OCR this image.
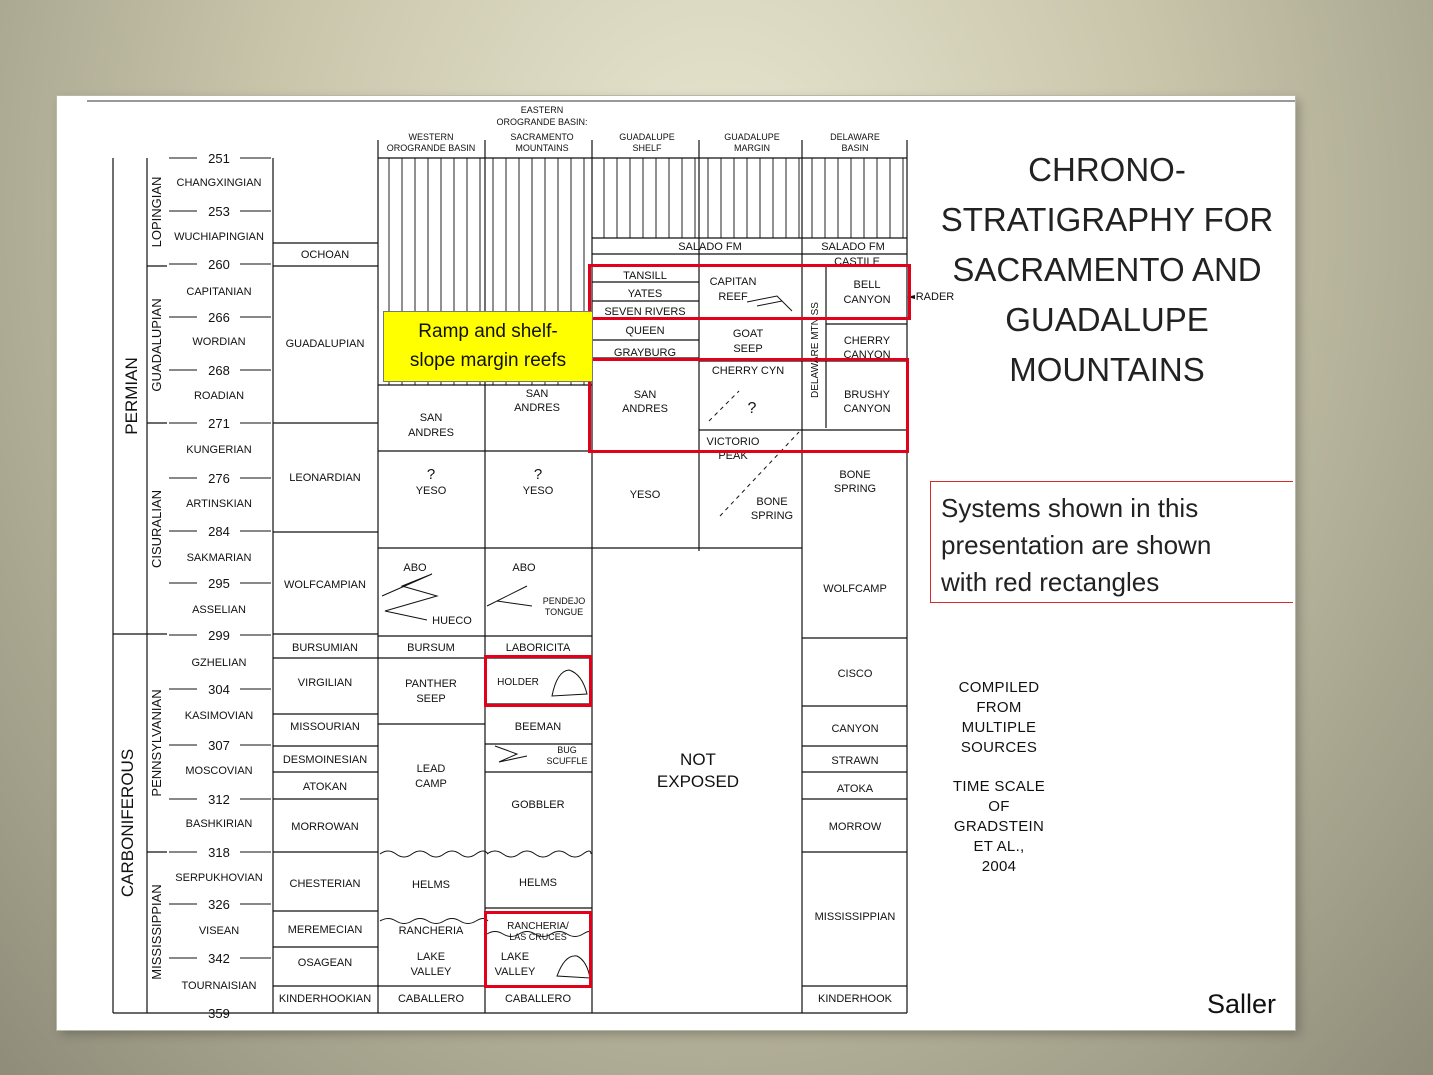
EASTERN
OROGRANDE BASIN:
WESTERN
OROGRANDE BASIN
SACRAMENTO
MOUNTAINS
GUADALUPE
SHELF
GUADALUPE
MARGIN
DELAWARE
BASIN
PERMIAN
CARBONIFEROUS
LOPINGIAN
GUADALUPIAN
CISURALIAN
PENNSYLVANIAN
MISSISSIPPIAN
251
253
260
266
268
271
276
284
295
299
304
307
312
318
326
342
359
CHANGXINGIAN
WUCHIAPINGIAN
CAPITANIAN
WORDIAN
ROADIAN
KUNGERIAN
ARTINSKIAN
SAKMARIAN
ASSELIAN
GZHELIAN
KASIMOVIAN
MOSCOVIAN
BASHKIRIAN
SERPUKHOVIAN
VISEAN
TOURNAISIAN
OCHOAN
GUADALUPIAN
LEONARDIAN
WOLFCAMPIAN
BURSUMIAN
VIRGILIAN
MISSOURIAN
DESMOINESIAN
ATOKAN
MORROWAN
CHESTERIAN
MEREMECIAN
OSAGEAN
KINDERHOOKIAN
SAN
ANDRES
?
YESO
ABO
HUECO
BURSUM
PANTHER
SEEP
LEAD
CAMP
HELMS
RANCHERIA
LAKE
VALLEY
CABALLERO
SAN
ANDRES
?
YESO
ABO
PENDEJO
TONGUE
LABORICITA
HOLDER
BEEMAN
BUG
SCUFFLE
GOBBLER
HELMS
RANCHERIA/
LAS CRUCES
LAKE
VALLEY
CABALLERO
SALADO FM
TANSILL
YATES
SEVEN RIVERS
QUEEN
GRAYBURG
SAN
ANDRES
YESO
NOT
EXPOSED
CAPITAN
REEF
GOAT
SEEP
CHERRY CYN
?
VICTORIO
PEAK
BONE
SPRING
DELAWARE MTN SS
SALADO FM
CASTILE
BELL
CANYON RADER
CHERRY
CANYON
BRUSHY
CANYON
BONE
SPRING
WOLFCAMP
CISCO
CANYON
STRAWN
ATOKA
MORROW
MISSISSIPPIAN
KINDERHOOK
Ramp and shelf-
slope margin reefs
CHRONO-
STRATIGRAPHY FOR
SACRAMENTO AND
GUADALUPE
MOUNTAINS
Systems shown in this
presentation are shown
with red rectangles
COMPILED
FROM
MULTIPLE
SOURCES
TIME SCALE
OF
GRADSTEIN
ET AL.,
2004
Saller
